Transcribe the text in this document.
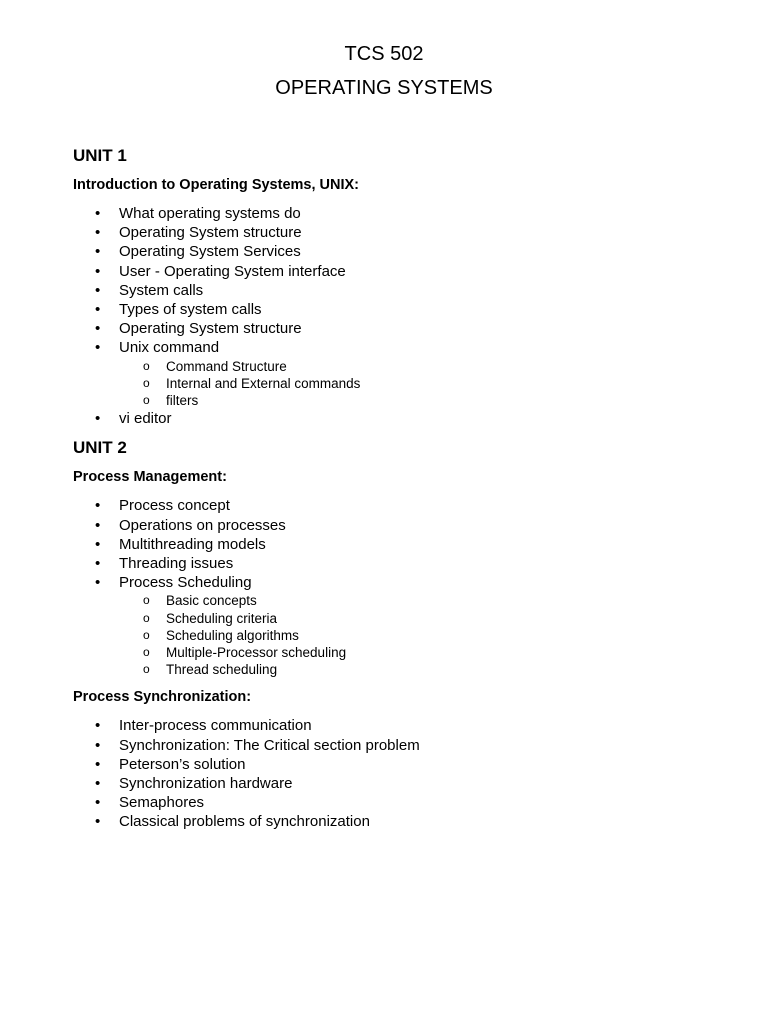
TCS 502
OPERATING SYSTEMS
UNIT 1
Introduction to Operating Systems, UNIX:
• What operating systems do
• Operating System structure
• Operating System Services
• User - Operating System interface
• System calls
• Types of system calls
• Operating System structure
• Unix command
o Command Structure
o Internal and External commands
o filters
• vi editor
UNIT 2
Process Management:
• Process concept
• Operations on processes
• Multithreading models
• Threading issues
• Process Scheduling
o Basic concepts
o Scheduling criteria
o Scheduling algorithms
o Multiple-Processor scheduling
o Thread scheduling
Process Synchronization:
• Inter-process communication
• Synchronization: The Critical section problem
• Peterson’s solution
• Synchronization hardware
• Semaphores
• Classical problems of synchronization
